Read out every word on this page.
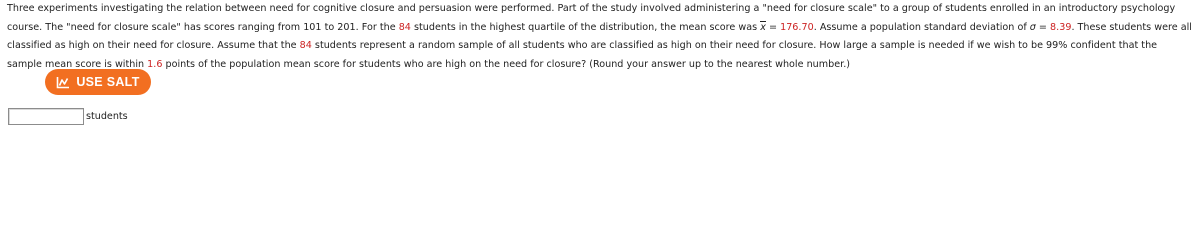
Three experiments investigating the relation between need for cognitive closure and persuasion were performed. Part of the study involved administering a "need for closure scale" to a group of students enrolled in an introductory psychology course. The "need for closure scale" has scores ranging from 101 to 201. For the 84 students in the highest quartile of the distribution, the mean score was x = 176.70. Assume a population standard deviation of σ = 8.39. These students were all classified as high on their need for closure. Assume that the 84 students represent a random sample of all students who are classified as high on their need for closure. How large a sample is needed if we wish to be 99% confident that the sample mean score is within 1.6 points of the population mean score for students who are high on the need for closure? (Round your answer up to the nearest whole number.)
USE SALT
students
